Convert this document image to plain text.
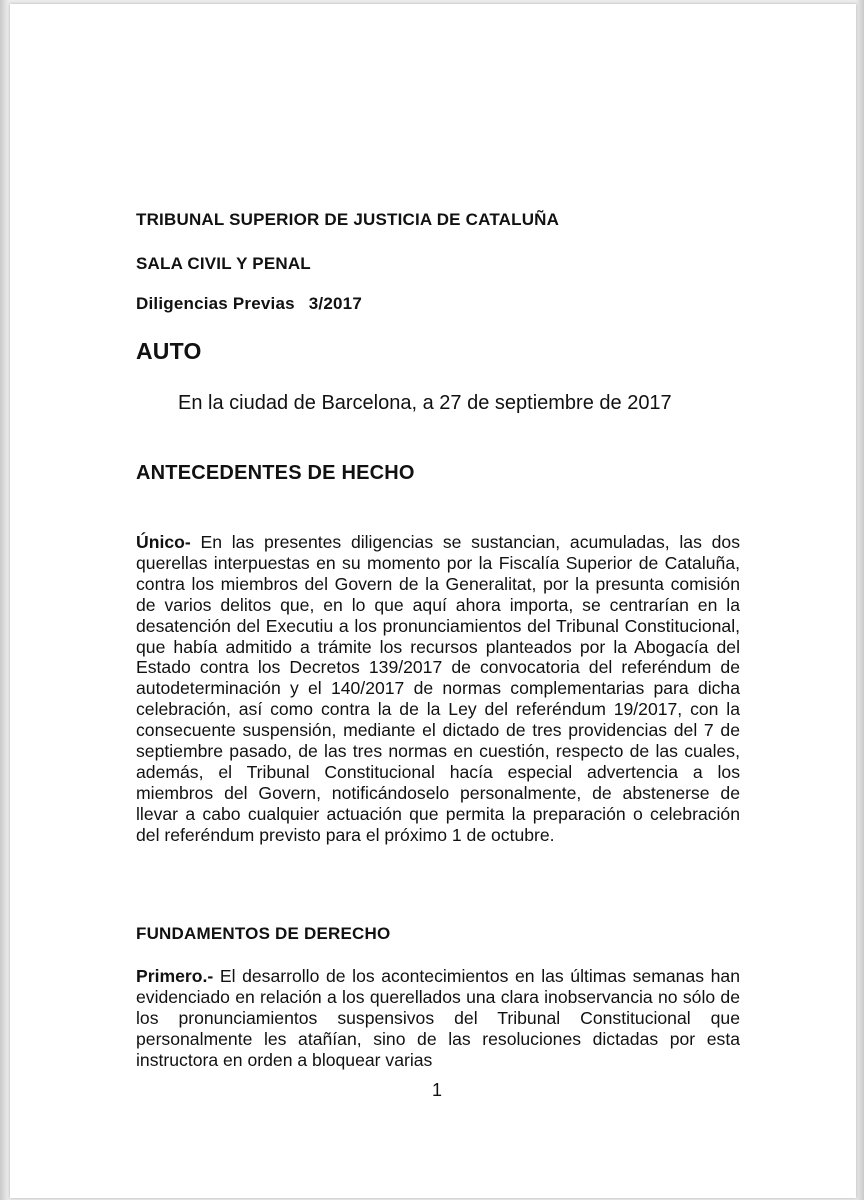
TRIBUNAL SUPERIOR DE JUSTICIA DE CATALUÑA
SALA CIVIL Y PENAL
Diligencias Previas 3/2017
AUTO
En la ciudad de Barcelona, a 27 de septiembre de 2017
ANTECEDENTES DE HECHO

Único- En las presentes diligencias se sustancian, acumuladas, las dos querellas interpuestas en su momento por la Fiscalía Superior de Cataluña, contra los miembros del Govern de la Generalitat, por la presunta comisión de varios delitos que, en lo que aquí ahora importa, se centrarían en la desatención del Executiu a los pronunciamientos del Tribunal Constitucional, que había admitido a trámite los recursos planteados por la Abogacía del Estado contra los Decretos 139/2017 de convocatoria del referéndum de autodeterminación y el 140/2017 de normas complementarias para dicha celebración, así como contra la de la Ley del referéndum 19/2017, con la consecuente suspensión, mediante el dictado de tres providencias del 7 de septiembre pasado, de las tres normas en cuestión, respecto de las cuales, además, el Tribunal Constitucional hacía especial advertencia a los miembros del Govern, notificándoselo personalmente, de abstenerse de llevar a cabo cualquier actuación que permita la preparación o celebración del referéndum previsto para el próximo 1 de octubre.

FUNDAMENTOS DE DERECHO

Primero.- El desarrollo de los acontecimientos en las últimas semanas han evidenciado en relación a los querellados una clara inobservancia no sólo de los pronunciamientos suspensivos del Tribunal Constitucional que personalmente les atañían, sino de las resoluciones dictadas por esta instructora en orden a bloquear varias

1
